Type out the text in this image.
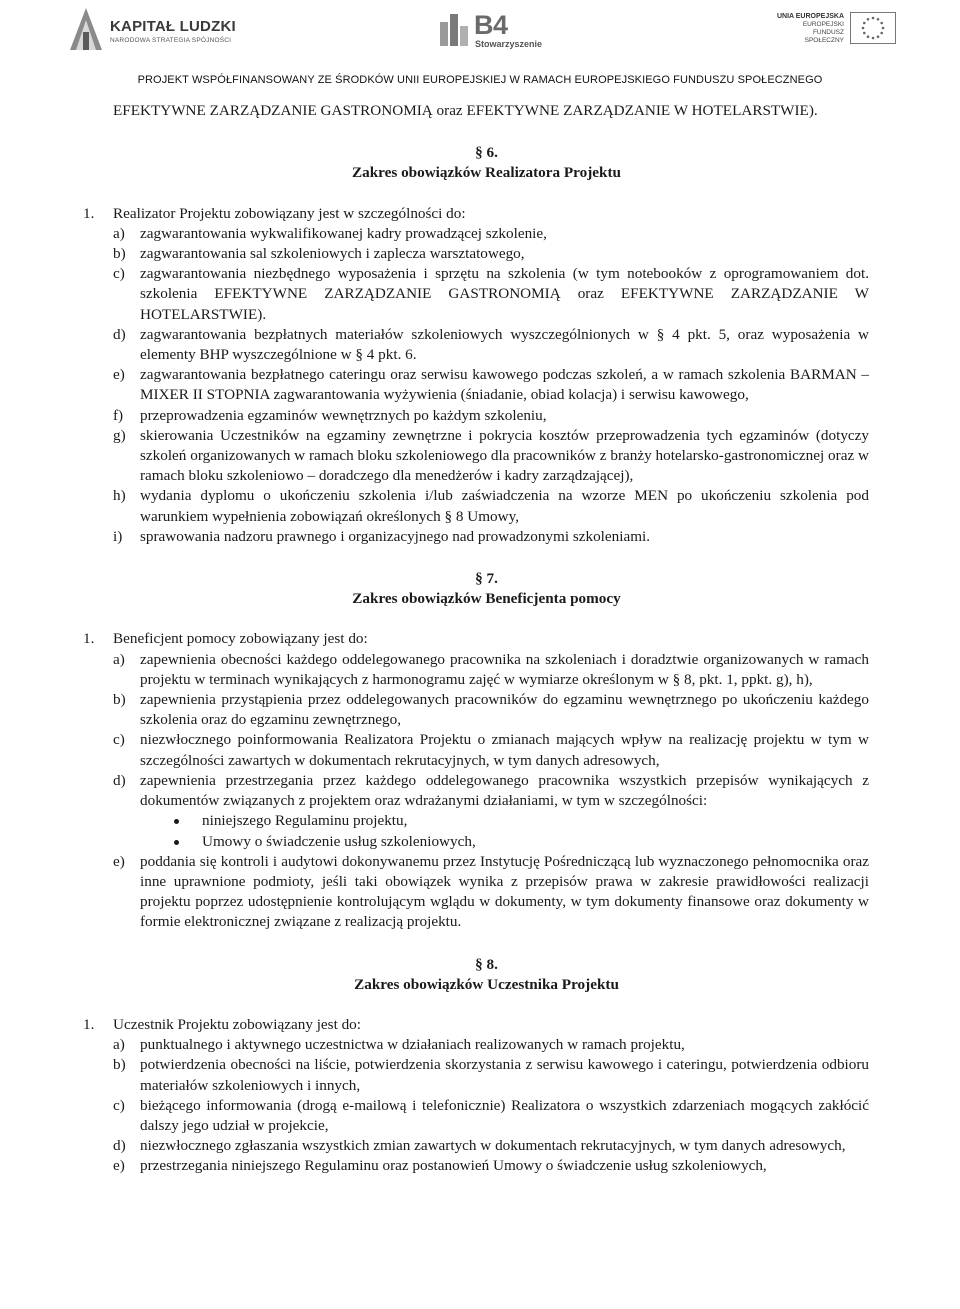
KAPITAŁ LUDZKI
NARODOWA STRATEGIA SPÓJNOŚCI
B4
Stowarzyszenie
UNIA EUROPEJSKA
EUROPEJSKI
FUNDUSZ SPOŁECZNY
PROJEKT WSPÓŁFINANSOWANY ZE ŚRODKÓW UNII EUROPEJSKIEJ W RAMACH EUROPEJSKIEGO FUNDUSZU SPOŁECZNEGO

EFEKTYWNE ZARZĄDZANIE GASTRONOMIĄ oraz EFEKTYWNE ZARZĄDZANIE W HOTELARSTWIE).

§ 6.
Zakres obowiązków Realizatora Projektu
1. Realizator Projektu zobowiązany jest w szczególności do:
a) zagwarantowania wykwalifikowanej kadry prowadzącej szkolenie,
b) zagwarantowania sal szkoleniowych i zaplecza warsztatowego,
c) zagwarantowania niezbędnego wyposażenia i sprzętu na szkolenia (w tym notebooków z oprogramowaniem dot. szkolenia EFEKTYWNE ZARZĄDZANIE GASTRONOMIĄ oraz EFEKTYWNE ZARZĄDZANIE W HOTELARSTWIE).
d) zagwarantowania bezpłatnych materiałów szkoleniowych wyszczególnionych w § 4 pkt. 5, oraz wyposażenia w elementy BHP wyszczególnione w § 4 pkt. 6.
e) zagwarantowania bezpłatnego cateringu oraz serwisu kawowego podczas szkoleń, a w ramach szkolenia BARMAN – MIXER II STOPNIA zagwarantowania wyżywienia (śniadanie, obiad kolacja) i serwisu kawowego,
f) przeprowadzenia egzaminów wewnętrznych po każdym szkoleniu,
g) skierowania Uczestników na egzaminy zewnętrzne i pokrycia kosztów przeprowadzenia tych egzaminów (dotyczy szkoleń organizowanych w ramach bloku szkoleniowego dla pracowników z branży hotelarsko-gastronomicznej oraz w ramach bloku szkoleniowo – doradczego dla menedżerów i kadry zarządzającej),
h) wydania dyplomu o ukończeniu szkolenia i/lub zaświadczenia na wzorze MEN po ukończeniu szkolenia pod warunkiem wypełnienia zobowiązań określonych § 8 Umowy,
i) sprawowania nadzoru prawnego i organizacyjnego nad prowadzonymi szkoleniami.
§ 7.
Zakres obowiązków Beneficjenta pomocy
1. Beneficjent pomocy zobowiązany jest do:
a) zapewnienia obecności każdego oddelegowanego pracownika na szkoleniach i doradztwie organizowanych w ramach projektu w terminach wynikających z harmonogramu zajęć w wymiarze określonym w § 8, pkt. 1, ppkt. g), h),
b) zapewnienia przystąpienia przez oddelegowanych pracowników do egzaminu wewnętrznego po ukończeniu każdego szkolenia oraz do egzaminu zewnętrznego,
c) niezwłocznego poinformowania Realizatora Projektu o zmianach mających wpływ na realizację projektu w tym w szczególności zawartych w dokumentach rekrutacyjnych, w tym danych adresowych,
d) zapewnienia przestrzegania przez każdego oddelegowanego pracownika wszystkich przepisów wynikających z dokumentów związanych z projektem oraz wdrażanymi działaniami, w tym w szczególności:
niniejszego Regulaminu projektu,
Umowy o świadczenie usług szkoleniowych,
e) poddania się kontroli i audytowi dokonywanemu przez Instytucję Pośredniczącą lub wyznaczonego pełnomocnika oraz inne uprawnione podmioty, jeśli taki obowiązek wynika z przepisów prawa w zakresie prawidłowości realizacji projektu poprzez udostępnienie kontrolującym wglądu w dokumenty, w tym dokumenty finansowe oraz dokumenty w formie elektronicznej związane z realizacją projektu.
§ 8.
Zakres obowiązków Uczestnika Projektu
1. Uczestnik Projektu zobowiązany jest do:
a) punktualnego i aktywnego uczestnictwa w działaniach realizowanych w ramach projektu,
b) potwierdzenia obecności na liście, potwierdzenia skorzystania z serwisu kawowego i cateringu, potwierdzenia odbioru materiałów szkoleniowych i innych,
c) bieżącego informowania (drogą e-mailową i telefonicznie) Realizatora o wszystkich zdarzeniach mogących zakłócić dalszy jego udział w projekcie,
d) niezwłocznego zgłaszania wszystkich zmian zawartych w dokumentach rekrutacyjnych, w tym danych adresowych,
e) przestrzegania niniejszego Regulaminu oraz postanowień Umowy o świadczenie usług szkoleniowych,
